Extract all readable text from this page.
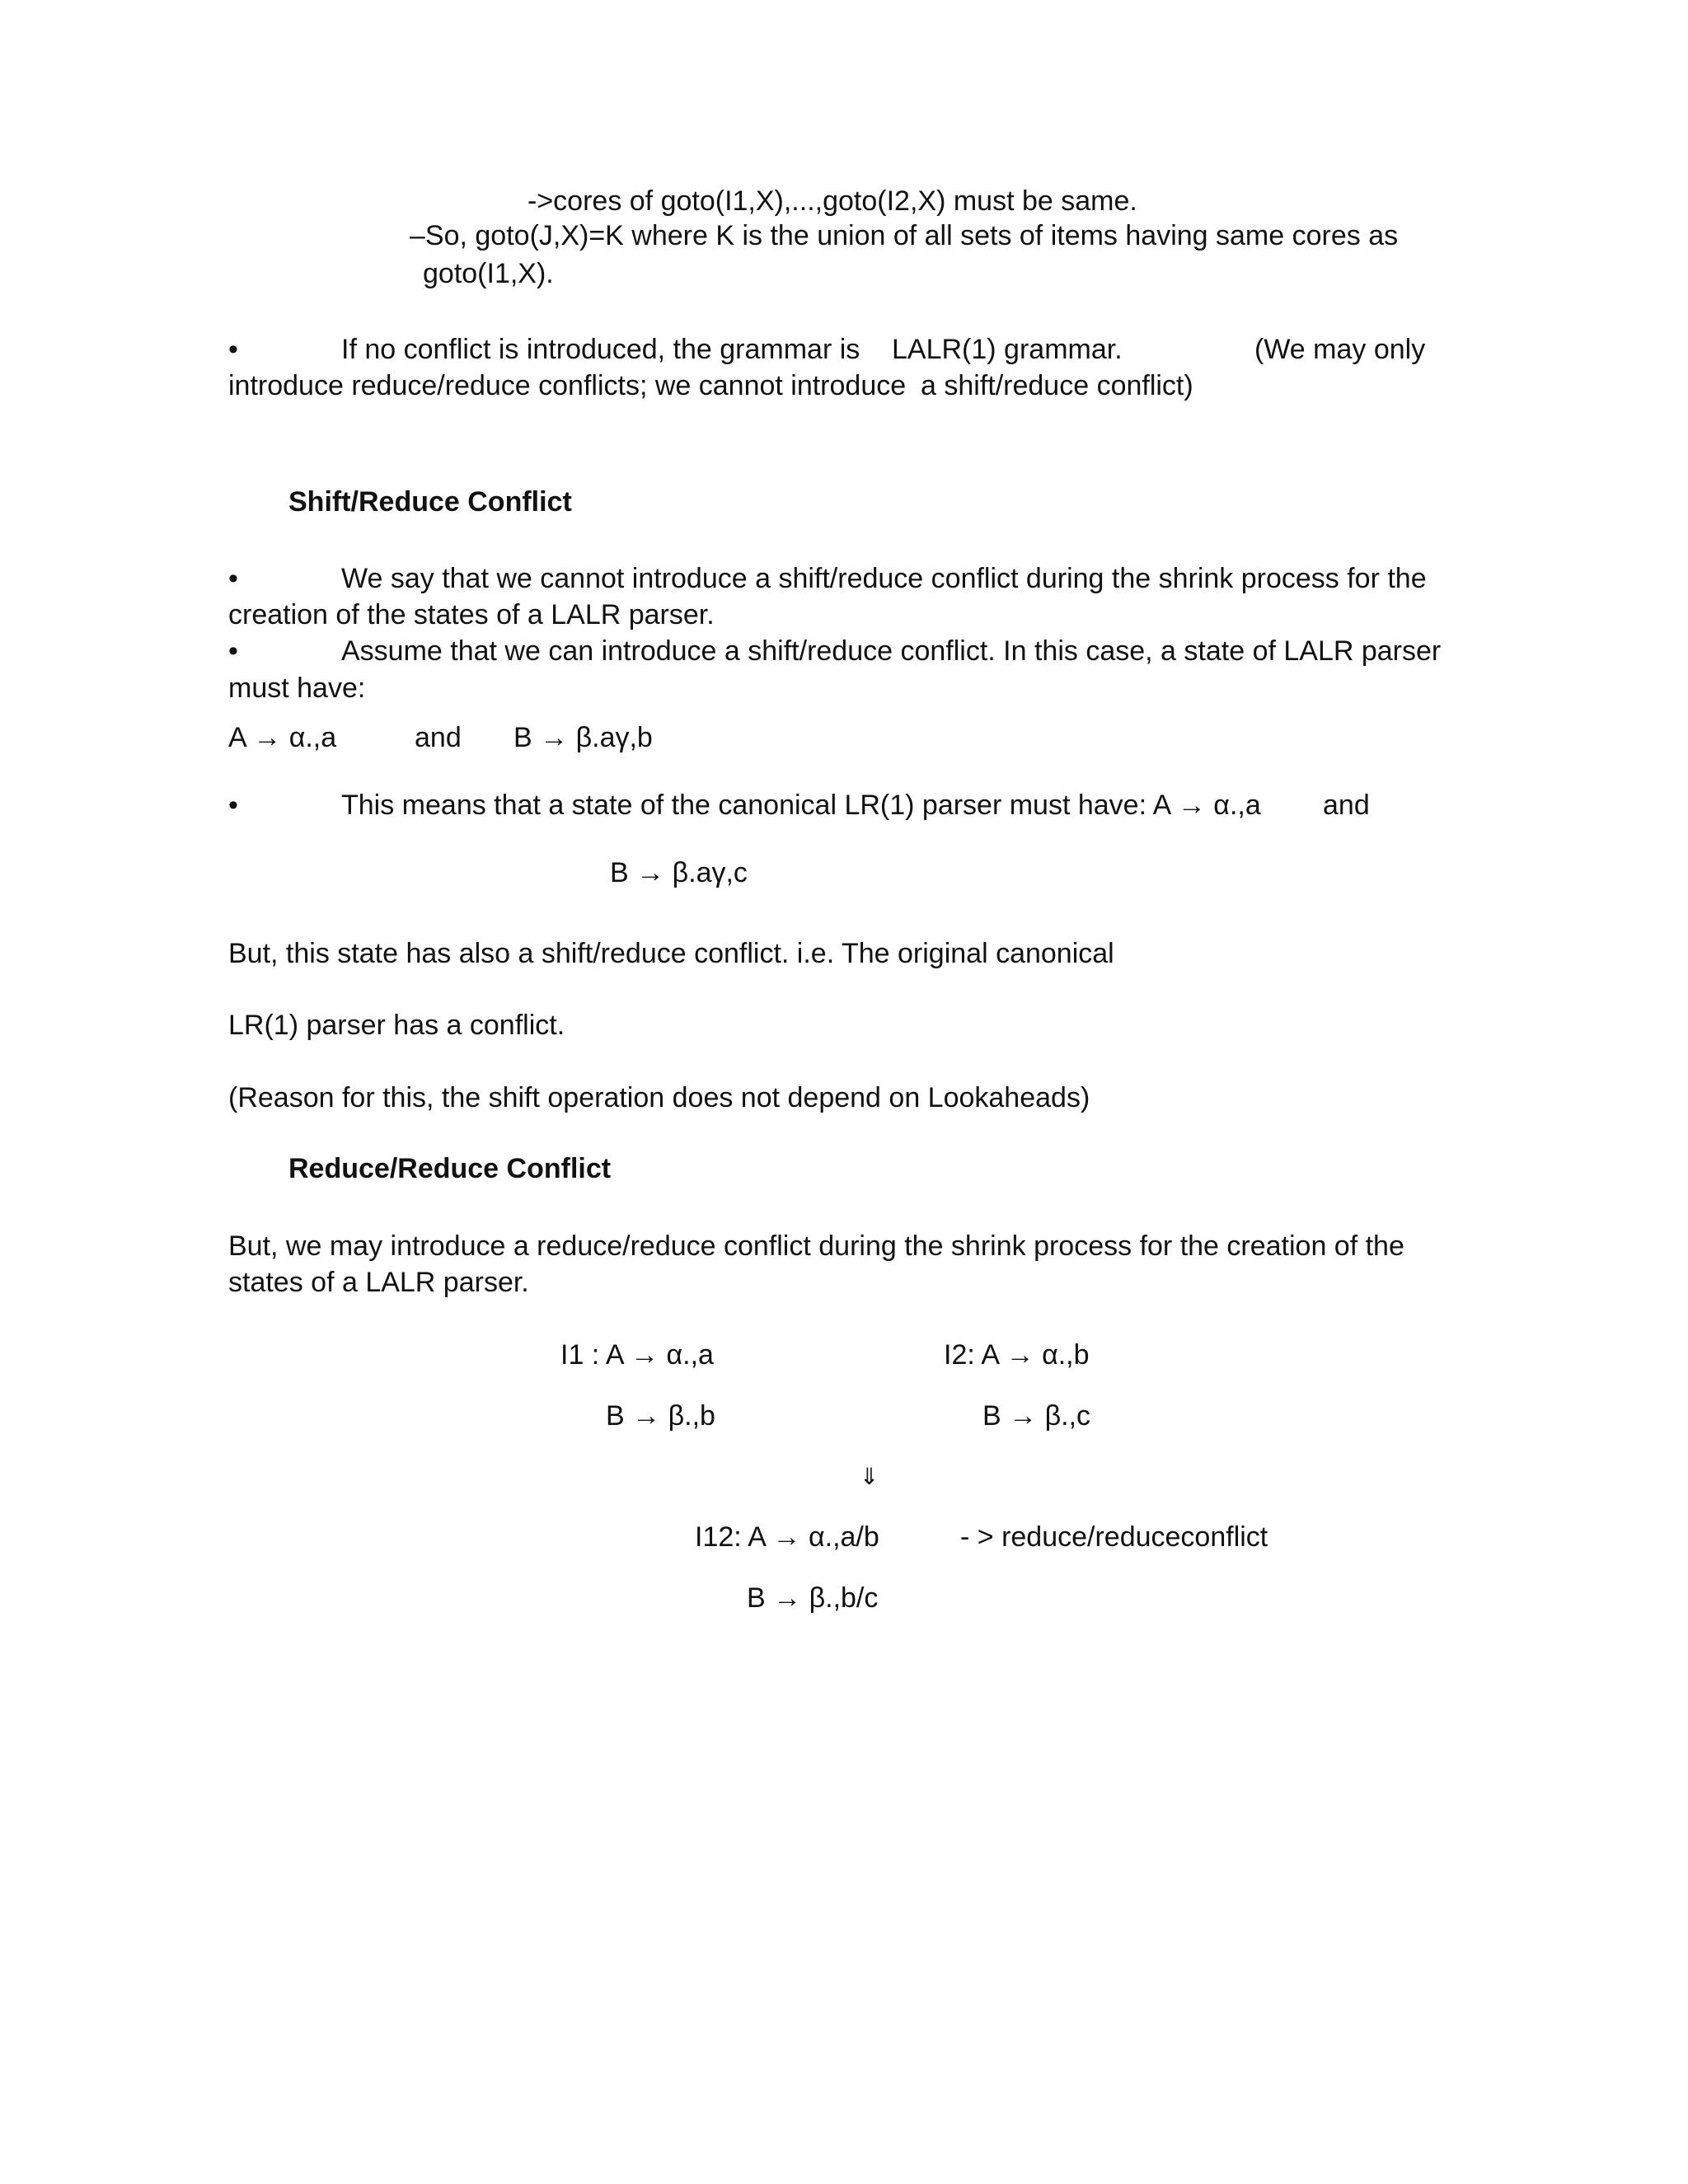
->cores of goto(I1,X),...,goto(I2,X) must be same.
–So, goto(J,X)=K where K is the union of all sets of items having same cores as
goto(I1,X).
•	If no conflict is introduced, the grammar is LALR(1) grammar.	(We may only
introduce reduce/reduce conflicts; we cannot introduce a shift/reduce conflict)
Shift/Reduce Conflict
•	We say that we cannot introduce a shift/reduce conflict during the shrink process for the
creation of the states of a LALR parser.
•	Assume that we can introduce a shift/reduce conflict. In this case, a state of LALR parser
must have:
A → α.,a	and B → β.aγ,b
•	This means that a state of the canonical LR(1) parser must have: A → α.,a and
B → β.aγ,c
But, this state has also a shift/reduce conflict. i.e. The original canonical
LR(1) parser has a conflict.
(Reason for this, the shift operation does not depend on Lookaheads)
Reduce/Reduce Conflict
But, we may introduce a reduce/reduce conflict during the shrink process for the creation of the
states of a LALR parser.
I1 : A → α.,a	I2: A → α.,b
B → β.,b	B → β.,c
⇓
I12: A → α.,a/b	- > reduce/reduceconflict
B → β.,b/c
